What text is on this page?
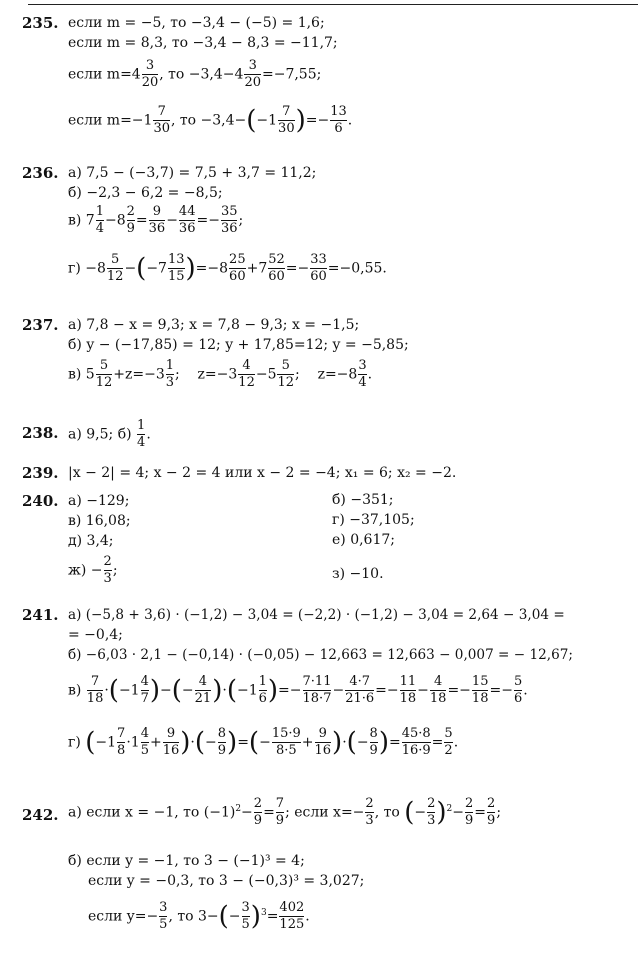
235. если m = −5, то −3,4 − (−5) = 1,6;
если m = 8,3, то −3,4 − 8,3 = −11,7;
если $m=4 \frac{3}{20}$ , то $-3,4-4 \frac{3}{20} =-7,55$;
если $m=-1 \frac{7}{30}$ , то $-3,4-(-1 \frac{7}{30}$ )=− $\frac{13}{6}$ .
236. а) 7,5 − (−3,7) = 7,5 + 3,7 = 11,2;
б) −2,3 − 6,2 = −8,5;
в) $7 \frac{1}{4} -8 \frac{2}{9} = \frac{9}{36} - \frac{44}{36} =- \frac{35}{36}$ ;
$г) -8 \frac{5}{12} -(-7 \frac{13}{15} )=-8 \frac{25}{60} +7 \frac{52}{60} =- \frac{33}{60} =-0,55$.
237. а) 7,8 − x = 9,3; x = 7,8 − 9,3; x = −1,5;
б) y − (−17,85) = 12; y + 17,85=12; y = −5,85;
в) $5 \frac{5}{12} +z=-3 \frac{1}{3}$ ; $z=-3 \frac{4}{12} -5 \frac{5}{12}$ ; $z=-8 \frac{3}{4}$ .
238. а) 9,5; $б) \frac{1}{4}$ .
239. |x − 2| = 4; x − 2 = 4 или x − 2 = −4; x₁ = 6; x₂ = −2.
240. а) −129;	б) −351;
в) 16,08;	г) −37,105;
д) 3,4;	е) 0,617;
$ж) - \frac{2}{3}$ ;	з) −10.
241. а) (−5,8 + 3,6) · (−1,2) − 3,04 = (−2,2) · (−1,2) − 3,04 = 2,64 − 3,04 =
= −0,4;
б) −6,03 · 2,1 − (−0,14) · (−0,05) − 12,663 = 12,663 − 0,007 = − 12,67;
$в) \frac{7}{18} \cdot(-1 \frac{4}{7}$ )−(− $\frac{4}{21} )\cdot(-1 \frac{1}{6}$ )=− $\frac{7\cdot 11}{18\cdot 7} - \frac{4\cdot 7}{21\cdot 6} =- \frac{11}{18} - \frac{4}{18} =- \frac{15}{18} =- \frac{5}{6}$ .
г) ($-1 \frac{7}{8} \cdot 1 \frac{4}{5} + \frac{9}{16}$ )·(− $\frac{8}{9}$ )=(− $\frac{15\cdot 9}{8\cdot 5} + \frac{9}{16}$ )·(− $\frac{8}{9}$ )= $\frac{45\cdot 8}{16\cdot 9} = \frac{5}{2}$ .
242. а) если x = −1, то $(-1)^2- \frac{2}{9} = \frac{7}{9}$ ; если $x=- \frac{2}{3}$ , то (− $\frac{2}{3} )^2- \frac{2}{9} = \frac{2}{9}$ ;
б) если y = −1, то 3 − (−1)³ = 4;
если y = −0,3, то 3 − (−0,3)³ = 3,027;
если $y=- \frac{3}{5}$ , то $3-(- \frac{3}{5} )^3= \frac{402}{125}$ .
